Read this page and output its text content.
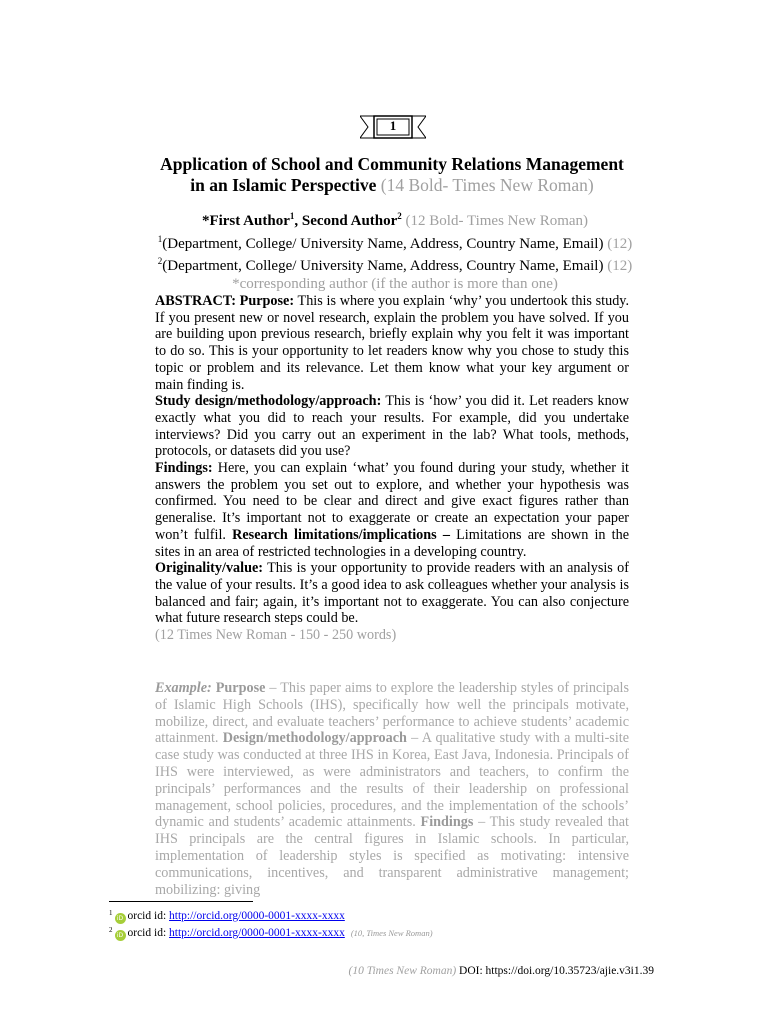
1
Application of School and Community Relations Management
in an Islamic Perspective (14 Bold- Times New Roman)
*First Author$^1$, Second Author$^2$ (12 Bold- Times New Roman)
$^1$(Department, College/ University Name, Address, Country Name, Email) (12)
$^2$(Department, College/ University Name, Address, Country Name, Email) (12)
*corresponding author (if the author is more than one)

ABSTRACT: Purpose: This is where you explain ‘why’ you undertook this study. If you present new or novel research, explain the problem you have solved. If you are building upon previous research, briefly explain why you felt it was important to do so. This is your opportunity to let readers know why you chose to study this topic or problem and its relevance. Let them know what your key argument or main finding is.

Study design/methodology/approach: This is ‘how’ you did it. Let readers know exactly what you did to reach your results. For example, did you undertake interviews? Did you carry out an experiment in the lab? What tools, methods, protocols, or datasets did you use?

Findings: Here, you can explain ‘what’ you found during your study, whether it answers the problem you set out to explore, and whether your hypothesis was confirmed. You need to be clear and direct and give exact figures rather than generalise. It’s important not to exaggerate or create an expectation your paper won’t fulfil. Research limitations/implications – Limitations are shown in the sites in an area of restricted technologies in a developing country.

Originality/value: This is your opportunity to provide readers with an analysis of the value of your results. It’s a good idea to ask colleagues whether your analysis is balanced and fair; again, it’s important not to exaggerate. You can also conjecture what future research steps could be.

(12 Times New Roman - 150 - 250 words)

Example: Purpose – This paper aims to explore the leadership styles of principals of Islamic High Schools (IHS), specifically how well the principals motivate, mobilize, direct, and evaluate teachers’ performance to achieve students’ academic attainment. Design/methodology/approach – A qualitative study with a multi-site case study was conducted at three IHS in Korea, East Java, Indonesia. Principals of IHS were interviewed, as were administrators and teachers, to confirm the principals’ performances and the results of their leadership on professional management, school policies, procedures, and the implementation of the schools’ dynamic and students’ academic attainments. Findings – This study revealed that IHS principals are the central figures in Islamic schools. In particular, implementation of leadership styles is specified as motivating: intensive communications, incentives, and transparent administrative management; mobilizing: giving

$^1$iD orcid id: http://orcid.org/0000-0001-xxxx-xxxx
$^2$iD orcid id: http://orcid.org/0000-0001-xxxx-xxxx (10, Times New Roman)
(10 Times New Roman) DOI: https://doi.org/10.35723/ajie.v3i1.39
